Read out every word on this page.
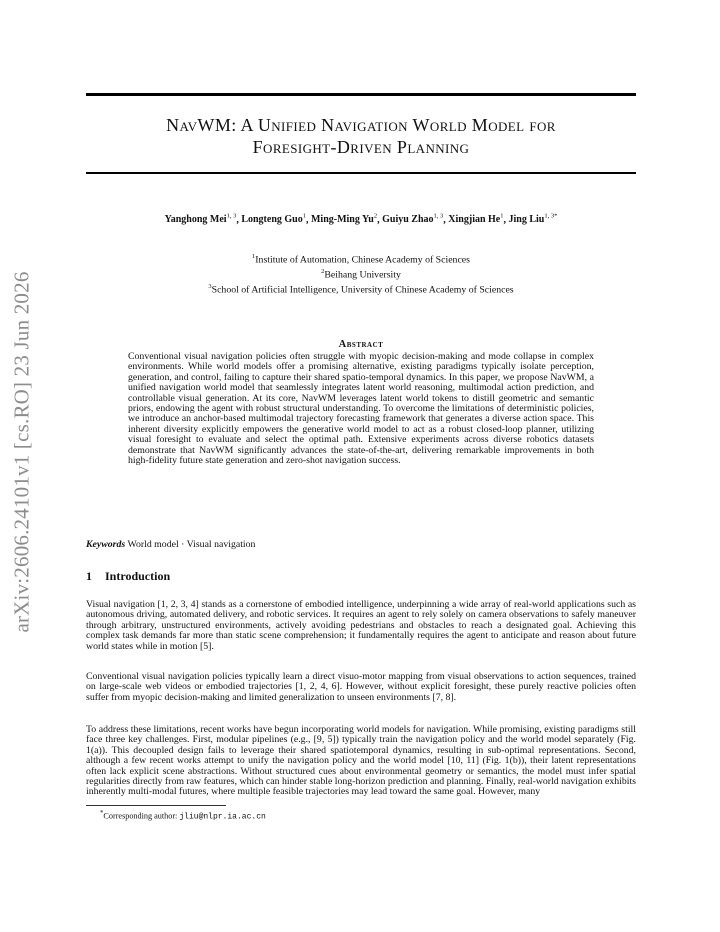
arXiv:2606.24101v1 [cs.RO] 23 Jun 2026
NavWM: A Unified Navigation World Model for
Foresight-Driven Planning
Yanghong Mei$^{1, 3}$, Longteng Guo$^1$, Ming-Ming Yu$^2$, Guiyu Zhao$^{1, 3}$, Xingjian He$^1$, Jing Liu$^{1, 3*}$
$^1$Institute of Automation, Chinese Academy of Sciences
$^2$Beihang University
$^3$School of Artificial Intelligence, University of Chinese Academy of Sciences
Abstract
Conventional visual navigation policies often struggle with myopic decision-making and mode collapse in complex environments. While world models offer a promising alternative, existing paradigms typically isolate perception, generation, and control, failing to capture their shared spatio-temporal dynamics. In this paper, we propose NavWM, a unified navigation world model that seamlessly integrates latent world reasoning, multimodal action prediction, and controllable visual generation. At its core, NavWM leverages latent world tokens to distill geometric and semantic priors, endowing the agent with robust structural understanding. To overcome the limitations of deterministic policies, we introduce an anchor-based multimodal trajectory forecasting framework that generates a diverse action space. This inherent diversity explicitly empowers the generative world model to act as a robust closed-loop planner, utilizing visual foresight to evaluate and select the optimal path. Extensive experiments across diverse robotics datasets demonstrate that NavWM significantly advances the state-of-the-art, delivering remarkable improvements in both high-fidelity future state generation and zero-shot navigation success.
Keywords World model · Visual navigation
1 Introduction
Visual navigation [1, 2, 3, 4] stands as a cornerstone of embodied intelligence, underpinning a wide array of real-world applications such as autonomous driving, automated delivery, and robotic services. It requires an agent to rely solely on camera observations to safely maneuver through arbitrary, unstructured environments, actively avoiding pedestrians and obstacles to reach a designated goal. Achieving this complex task demands far more than static scene comprehension; it fundamentally requires the agent to anticipate and reason about future world states while in motion [5].
Conventional visual navigation policies typically learn a direct visuo-motor mapping from visual observations to action sequences, trained on large-scale web videos or embodied trajectories [1, 2, 4, 6]. However, without explicit foresight, these purely reactive policies often suffer from myopic decision-making and limited generalization to unseen environments [7, 8].
To address these limitations, recent works have begun incorporating world models for navigation. While promising, existing paradigms still face three key challenges. First, modular pipelines (e.g., [9, 5]) typically train the navigation policy and the world model separately (Fig. 1(a)). This decoupled design fails to leverage their shared spatiotemporal dynamics, resulting in sub-optimal representations. Second, although a few recent works attempt to unify the navigation policy and the world model [10, 11] (Fig. 1(b)), their latent representations often lack explicit scene abstractions. Without structured cues about environmental geometry or semantics, the model must infer spatial regularities directly from raw features, which can hinder stable long-horizon prediction and planning. Finally, real-world navigation exhibits inherently multi-modal futures, where multiple feasible trajectories may lead toward the same goal. However, many
*Corresponding author: jliu@nlpr.ia.ac.cn
